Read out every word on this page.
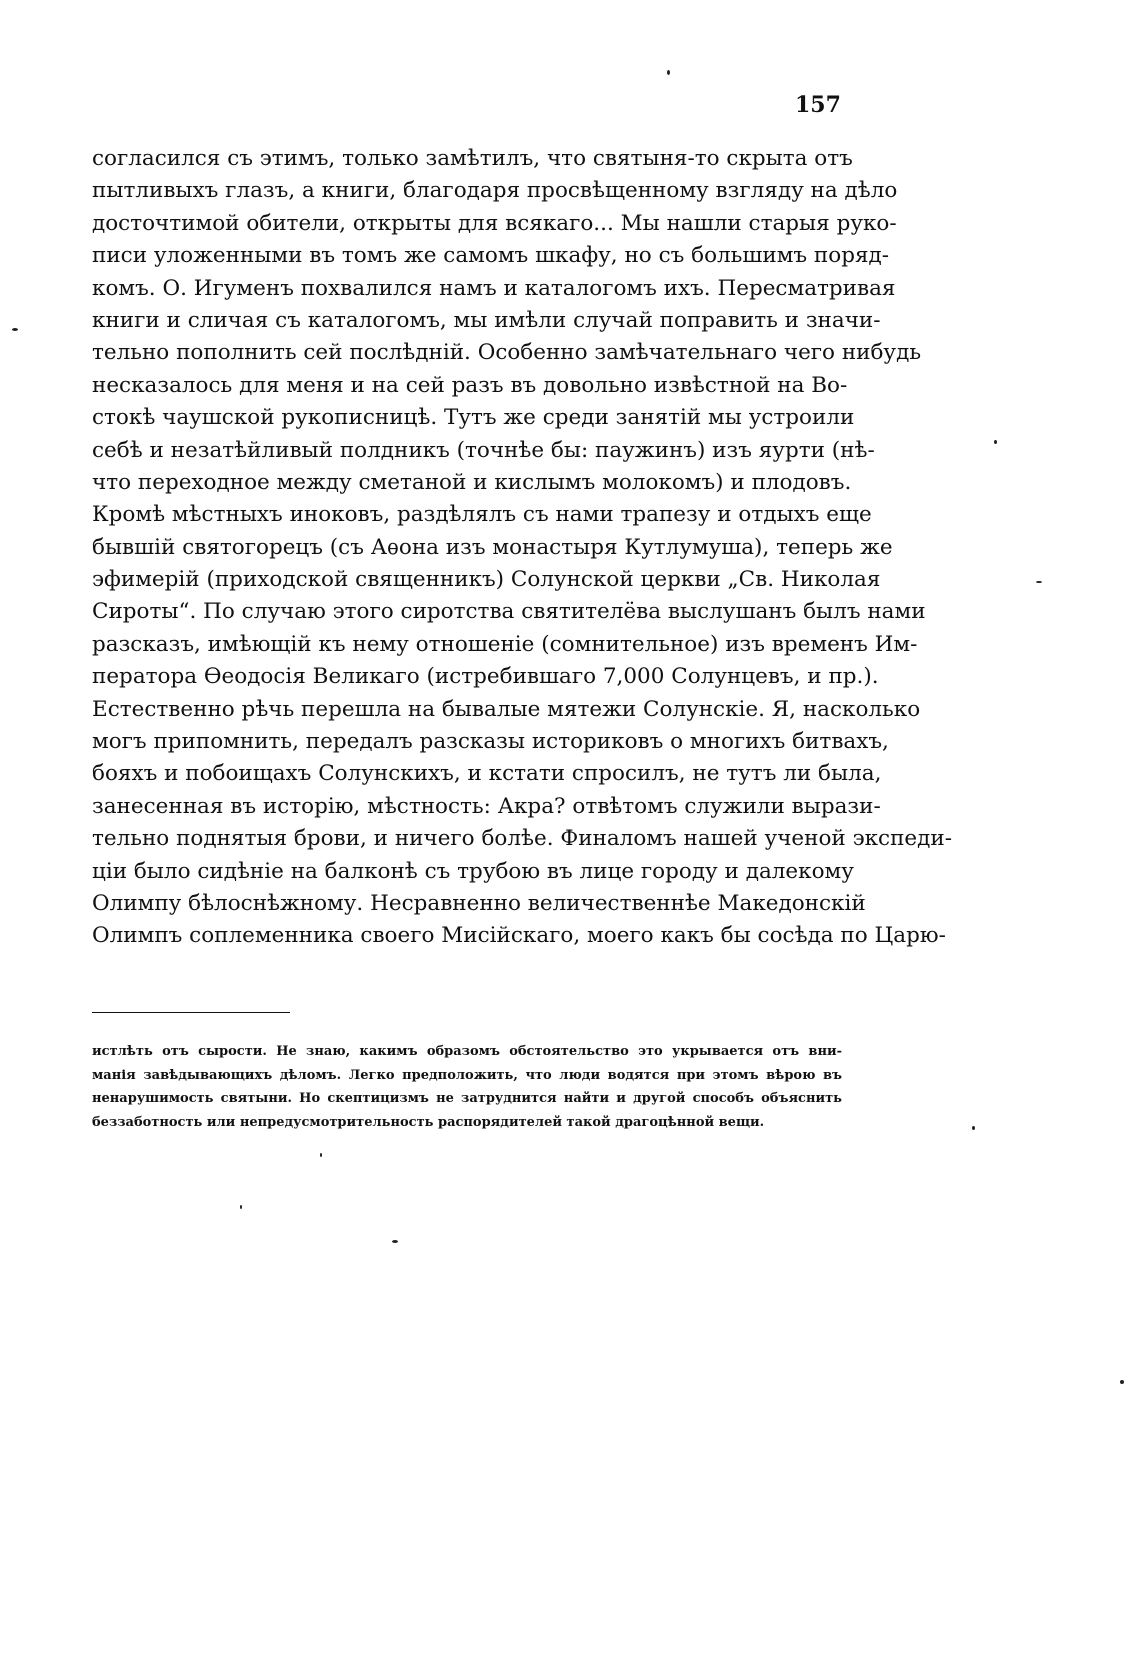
157
согласился съ этимъ, только замѣтилъ, что святыня-то скрыта отъ
пытливыхъ глазъ, а книги, благодаря просвѣщенному взгляду на дѣло
досточтимой обители, открыты для всякаго... Мы нашли старыя руко-
писи уложенными въ томъ же самомъ шкафу, но съ большимъ поряд-
комъ. О. Игуменъ похвалился намъ и каталогомъ ихъ. Пересматривая
книги и сличая съ каталогомъ, мы имѣли случай поправить и значи-
тельно пополнить сей послѣдній. Особенно замѣчательнаго чего нибудь
несказалось для меня и на сей разъ въ довольно извѣстной на Во-
стокѣ чаушской рукописницѣ. Тутъ же среди занятій мы устроили
себѣ и незатѣйливый полдникъ (точнѣе бы: паужинъ) изъ яурти (нѣ-
что переходное между сметаной и кислымъ молокомъ) и плодовъ.
Кромѣ мѣстныхъ иноковъ, раздѣлялъ съ нами трапезу и отдыхъ еще
бывшій святогорецъ (съ Аѳона изъ монастыря Кутлумуша), теперь же
эфимерій (приходской священникъ) Солунской церкви „Св. Николая
Сироты“. По случаю этого сиротства святителёва выслушанъ былъ нами
разсказъ, имѣющій къ нему отношеніе (сомнительное) изъ временъ Им-
ператора Ѳеодосія Великаго (истребившаго 7,000 Солунцевъ, и пр.).
Естественно рѣчь перешла на бывалые мятежи Солунскіе. Я, насколько
могъ припомнить, передалъ разсказы историковъ о многихъ битвахъ,
бояхъ и побоищахъ Солунскихъ, и кстати спросилъ, не тутъ ли была,
занесенная въ исторію, мѣстность: Акра? отвѣтомъ служили вырази-
тельно поднятыя брови, и ничего болѣе. Финаломъ нашей ученой экспеди-
ціи было сидѣніе на балконѣ съ трубою въ лице городу и далекому
Олимпу бѣлоснѣжному. Несравненно величественнѣе Македонскій
Олимпъ соплеменника своего Мисійскаго, моего какъ бы сосѣда по Царю-
истлѣть отъ сырости. Не знаю, какимъ образомъ обстоятельство это укрывается отъ вни-
манія завѣдывающихъ дѣломъ. Легко предположить, что люди водятся при этомъ вѣрою въ
ненарушимость святыни. Но скептицизмъ не затруднится найти и другой способъ объяснить
беззаботность или непредусмотрительность распорядителей такой драгоцѣнной вещи.
